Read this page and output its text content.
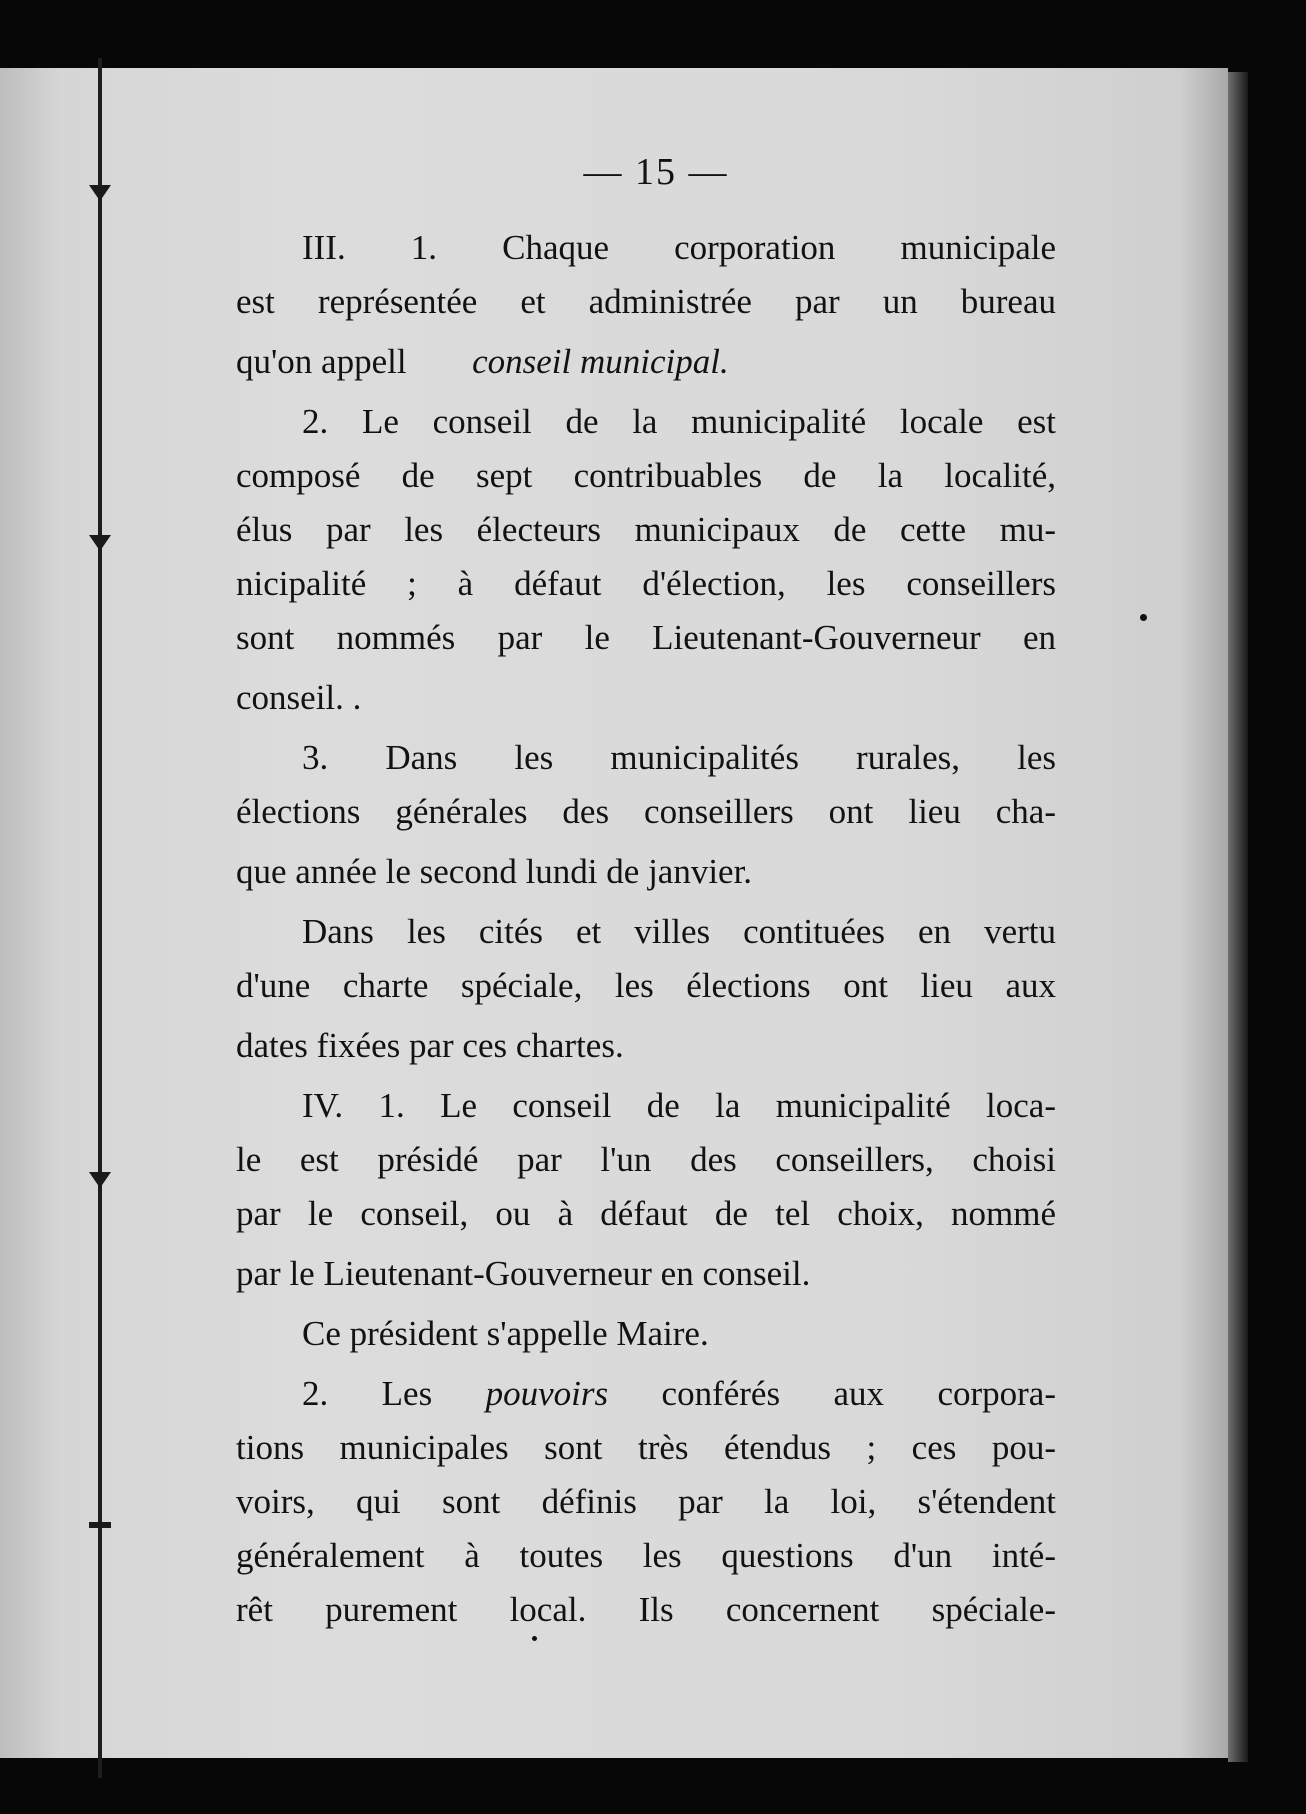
— 15 —
III. 1. Chaque corporation municipale
est représentée et administrée par un bureau
qu'on appell conseil municipal.
2. Le conseil de la municipalité locale est
composé de sept contribuables de la localité,
élus par les électeurs municipaux de cette mu-
nicipalité ; à défaut d'élection, les conseillers
sont nommés par le Lieutenant-Gouverneur en
conseil. .
3. Dans les municipalités rurales, les
élections générales des conseillers ont lieu cha-
que année le second lundi de janvier.
Dans les cités et villes contituées en vertu
d'une charte spéciale, les élections ont lieu aux
dates fixées par ces chartes.
IV. 1. Le conseil de la municipalité loca-
le est présidé par l'un des conseillers, choisi
par le conseil, ou à défaut de tel choix, nommé
par le Lieutenant-Gouverneur en conseil.
Ce président s'appelle Maire.
2. Les pouvoirs conférés aux corpora-
tions municipales sont très étendus ; ces pou-
voirs, qui sont définis par la loi, s'étendent
généralement à toutes les questions d'un inté-
rêt purement local. Ils concernent spéciale-
